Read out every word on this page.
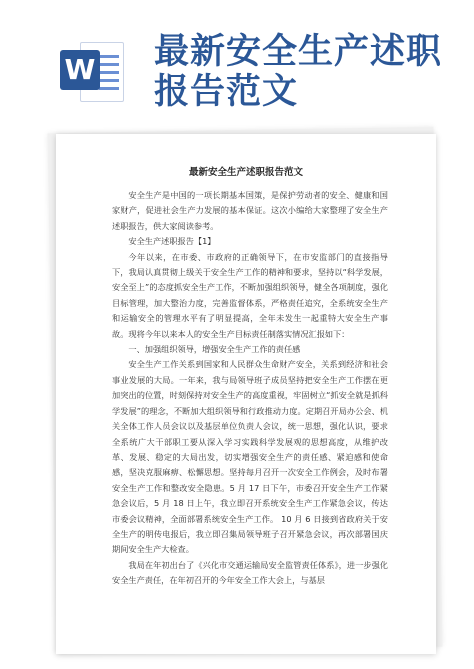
W 最新安全生产述职
报告范文
最新安全生产述职报告范文

安全生产是中国的一项长期基本国策，是保护劳动者的安全、健康和国家财产，促进社会生产力发展的基本保证。这次小编给大家整理了安全生产述职报告，供大家阅读参考。

安全生产述职报告【1】

今年以来，在市委、市政府的正确领导下，在市安监部门的直接指导下，我局认真贯彻上级关于安全生产工作的精神和要求，坚持以“科学发展，安全至上”的态度抓安全生产工作，不断加强组织领导，健全各项制度，强化目标管理，加大整治力度，完善监督体系，严格责任追究，全系统安全生产和运输安全的管理水平有了明显提高，全年未发生一起重特大安全生产事故。现将今年以来本人的安全生产目标责任制落实情况汇报如下：

一、加强组织领导，增强安全生产工作的责任感

安全生产工作关系到国家和人民群众生命财产安全，关系到经济和社会事业发展的大局。一年来，我与局领导班子成员坚持把安全生产工作摆在更加突出的位置，时刻保持对安全生产的高度重视，牢固树立“抓安全就是抓科学发展”的理念，不断加大组织领导和行政推动力度。定期召开局办公会、机关全体工作人员会议以及基层单位负责人会议，统一思想，强化认识，要求全系统广大干部职工要从深入学习实践科学发展观的思想高度，从维护改革、发展、稳定的大局出发，切实增强安全生产的责任感、紧迫感和使命感，坚决克服麻痹、松懈思想。坚持每月召开一次安全工作例会，及时布署安全生产工作和整改安全隐患。5 月 17 日下午，市委召开安全生产工作紧急会议后，5 月 18 日上午，我立即召开系统安全生产工作紧急会议，传达市委会议精神，全面部署系统安全生产工作。 10 月 6 日接到省政府关于安全生产的明传电报后，我立即召集局领导班子召开紧急会议，再次部署国庆期间安全生产大检查。

我局在年初出台了《兴化市交通运输局安全监管责任体系》，进一步强化安全生产责任，在年初召开的今年安全工作大会上，与基层
